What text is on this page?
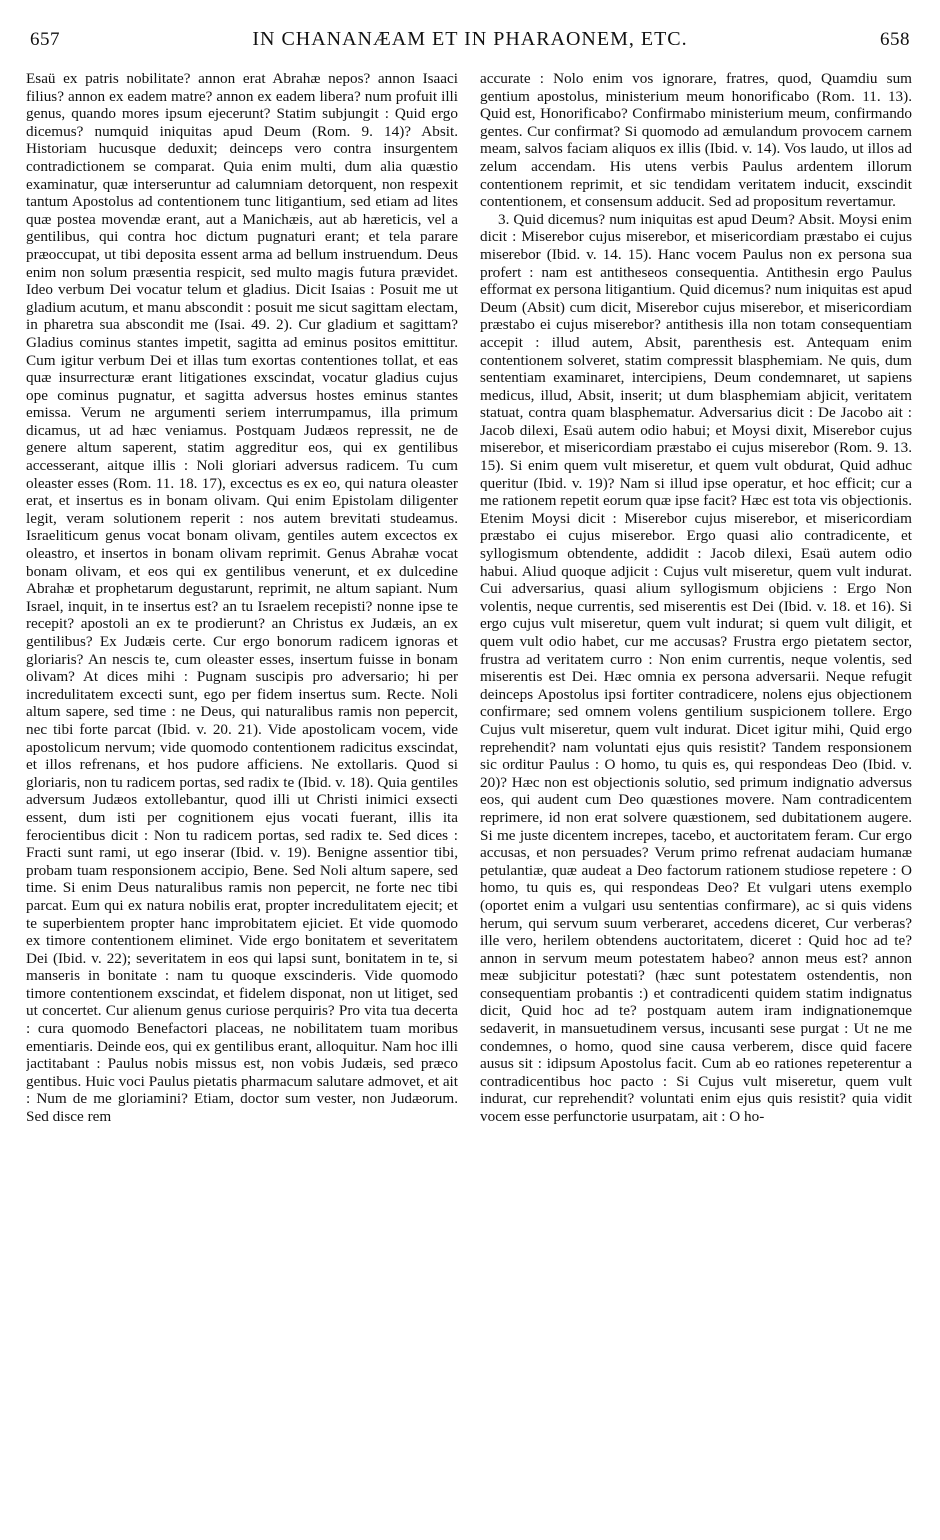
657	IN CHANANÆAM ET IN PHARAONEM, ETC.	658

Esaü ex patris nobilitate? annon erat Abrahæ nepos? annon Isaaci filius? annon ex eadem matre? annon ex eadem libera? num profuit illi genus, quando mores ipsum ejecerunt? Statim subjungit : Quid ergo dicemus? numquid iniquitas apud Deum (Rom. 9. 14)? Absit. Historiam hucusque deduxit; deinceps vero contra insurgentem contradictionem se comparat. Quia enim multi, dum alia quæstio examinatur, quæ interseruntur ad calumniam detorquent, non respexit tantum Apostolus ad contentionem tunc litigantium, sed etiam ad lites quæ postea movendæ erant, aut a Manichæis, aut ab hæreticis, vel a gentilibus, qui contra hoc dictum pugnaturi erant; et tela parare præoccupat, ut tibi deposita essent arma ad bellum instruendum. Deus enim non solum præsentia respicit, sed multo magis futura prævidet. Ideo verbum Dei vocatur telum et gladius. Dicit Isaias : Posuit me ut gladium acutum, et manu abscondit : posuit me sicut sagittam electam, in pharetra sua abscondit me (Isai. 49. 2). Cur gladium et sagittam? Gladius cominus stantes impetit, sagitta ad eminus positos emittitur. Cum igitur verbum Dei et illas tum exortas contentiones tollat, et eas quæ insurrecturæ erant litigationes exscindat, vocatur gladius cujus ope cominus pugnatur, et sagitta adversus hostes eminus stantes emissa. Verum ne argumenti seriem interrumpamus, illa primum dicamus, ut ad hæc veniamus. Postquam Judæos repressit, ne de genere altum saperent, statim aggreditur eos, qui ex gentilibus accesserant, aitque illis : Noli gloriari adversus radicem. Tu cum oleaster esses (Rom. 11. 18. 17), excectus es ex eo, qui natura oleaster erat, et insertus es in bonam olivam. Qui enim Epistolam diligenter legit, veram solutionem reperit : nos autem brevitati studeamus. Israeliticum genus vocat bonam olivam, gentiles autem excectos ex oleastro, et insertos in bonam olivam reprimit. Genus Abrahæ vocat bonam olivam, et eos qui ex gentilibus venerunt, et ex dulcedine Abrahæ et prophetarum degustarunt, reprimit, ne altum sapiant. Num Israel, inquit, in te insertus est? an tu Israelem recepisti? nonne ipse te recepit? apostoli an ex te prodierunt? an Christus ex Judæis, an ex gentilibus? Ex Judæis certe. Cur ergo bonorum radicem ignoras et gloriaris? An nescis te, cum oleaster esses, insertum fuisse in bonam olivam? At dices mihi : Pugnam suscipis pro adversario; hi per incredulitatem excecti sunt, ego per fidem insertus sum. Recte. Noli altum sapere, sed time : ne Deus, qui naturalibus ramis non pepercit, nec tibi forte parcat (Ibid. v. 20. 21). Vide apostolicam vocem, vide apostolicum nervum; vide quomodo contentionem radicitus exscindat, et illos refrenans, et hos pudore afficiens. Ne extollaris. Quod si gloriaris, non tu radicem portas, sed radix te (Ibid. v. 18). Quia gentiles adversum Judæos extollebantur, quod illi ut Christi inimici exsecti essent, dum isti per cognitionem ejus vocati fuerant, illis ita ferocientibus dicit : Non tu radicem portas, sed radix te. Sed dices : Fracti sunt rami, ut ego inserar (Ibid. v. 19). Benigne assentior tibi, probam tuam responsionem accipio, Bene. Sed Noli altum sapere, sed time. Si enim Deus naturalibus ramis non pepercit, ne forte nec tibi parcat. Eum qui ex natura nobilis erat, propter incredulitatem ejecit; et te superbientem propter hanc improbitatem ejiciet. Et vide quomodo ex timore contentionem eliminet. Vide ergo bonitatem et severitatem Dei (Ibid. v. 22); severitatem in eos qui lapsi sunt, bonitatem in te, si manseris in bonitate : nam tu quoque exscinderis. Vide quomodo timore contentionem exscindat, et fidelem disponat, non ut litiget, sed ut concertet. Cur alienum genus curiose perquiris? Pro vita tua decerta : cura quomodo Benefactori placeas, ne nobilitatem tuam moribus ementiaris. Deinde eos, qui ex gentilibus erant, alloquitur. Nam hoc illi jactitabant : Paulus nobis missus est, non vobis Judæis, sed præco gentibus. Huic voci Paulus pietatis pharmacum salutare admovet, et ait : Num de me gloriamini? Etiam, doctor sum vester, non Judæorum. Sed disce rem

accurate : Nolo enim vos ignorare, fratres, quod, Quamdiu sum gentium apostolus, ministerium meum honorificabo (Rom. 11. 13). Quid est, Honorificabo? Confirmabo ministerium meum, confirmando gentes. Cur confirmat? Si quomodo ad æmulandum provocem carnem meam, salvos faciam aliquos ex illis (Ibid. v. 14). Vos laudo, ut illos ad zelum accendam. His utens verbis Paulus ardentem illorum contentionem reprimit, et sic tendidam veritatem inducit, exscindit contentionem, et consensum adducit. Sed ad propositum revertamur.

3. Quid dicemus? num iniquitas est apud Deum? Absit. Moysi enim dicit : Miserebor cujus miserebor, et misericordiam præstabo ei cujus miserebor (Ibid. v. 14. 15). Hanc vocem Paulus non ex persona sua profert : nam est antitheseos consequentia. Antithesin ergo Paulus efformat ex persona litigantium. Quid dicemus? num iniquitas est apud Deum (Absit) cum dicit, Miserebor cujus miserebor, et misericordiam præstabo ei cujus miserebor? antithesis illa non totam consequentiam accepit : illud autem, Absit, parenthesis est. Antequam enim contentionem solveret, statim compressit blasphemiam. Ne quis, dum sententiam examinaret, intercipiens, Deum condemnaret, ut sapiens medicus, illud, Absit, inserit; ut dum blasphemiam abjicit, veritatem statuat, contra quam blasphematur. Adversarius dicit : De Jacobo ait : Jacob dilexi, Esaü autem odio habui; et Moysi dixit, Miserebor cujus miserebor, et misericordiam præstabo ei cujus miserebor (Rom. 9. 13. 15). Si enim quem vult miseretur, et quem vult obdurat, Quid adhuc queritur (Ibid. v. 19)? Nam si illud ipse operatur, et hoc efficit; cur a me rationem repetit eorum quæ ipse facit? Hæc est tota vis objectionis. Etenim Moysi dicit : Miserebor cujus miserebor, et misericordiam præstabo ei cujus miserebor. Ergo quasi alio contradicente, et syllogismum obtendente, addidit : Jacob dilexi, Esaü autem odio habui. Aliud quoque adjicit : Cujus vult miseretur, quem vult indurat. Cui adversarius, quasi alium syllogismum objiciens : Ergo Non volentis, neque currentis, sed miserentis est Dei (Ibid. v. 18. et 16). Si ergo cujus vult miseretur, quem vult indurat; si quem vult diligit, et quem vult odio habet, cur me accusas? Frustra ergo pietatem sector, frustra ad veritatem curro : Non enim currentis, neque volentis, sed miserentis est Dei. Hæc omnia ex persona adversarii. Neque refugit deinceps Apostolus ipsi fortiter contradicere, nolens ejus objectionem confirmare; sed omnem volens gentilium suspicionem tollere. Ergo Cujus vult miseretur, quem vult indurat. Dicet igitur mihi, Quid ergo reprehendit? nam voluntati ejus quis resistit? Tandem responsionem sic orditur Paulus : O homo, tu quis es, qui respondeas Deo (Ibid. v. 20)? Hæc non est objectionis solutio, sed primum indignatio adversus eos, qui audent cum Deo quæstiones movere. Nam contradicentem reprimere, id non erat solvere quæstionem, sed dubitationem augere. Si me juste dicentem increpes, tacebo, et auctoritatem feram. Cur ergo accusas, et non persuades? Verum primo refrenat audaciam humanæ petulantiæ, quæ audeat a Deo factorum rationem studiose repetere : O homo, tu quis es, qui respondeas Deo? Et vulgari utens exemplo (oportet enim a vulgari usu sententias confirmare), ac si quis videns herum, qui servum suum verberaret, accedens diceret, Cur verberas? ille vero, herilem obtendens auctoritatem, diceret : Quid hoc ad te? annon in servum meum potestatem habeo? annon meus est? annon meæ subjicitur potestati? (hæc sunt potestatem ostendentis, non consequentiam probantis :) et contradicenti quidem statim indignatus dicit, Quid hoc ad te? postquam autem iram indignationemque sedaverit, in mansuetudinem versus, incusanti sese purgat : Ut ne me condemnes, o homo, quod sine causa verberem, disce quid facere ausus sit : idipsum Apostolus facit. Cum ab eo rationes repeterentur a contradicentibus hoc pacto : Si Cujus vult miseretur, quem vult indurat, cur reprehendit? voluntati enim ejus quis resistit? quia vidit vocem esse perfunctorie usurpatam, ait : O ho-
